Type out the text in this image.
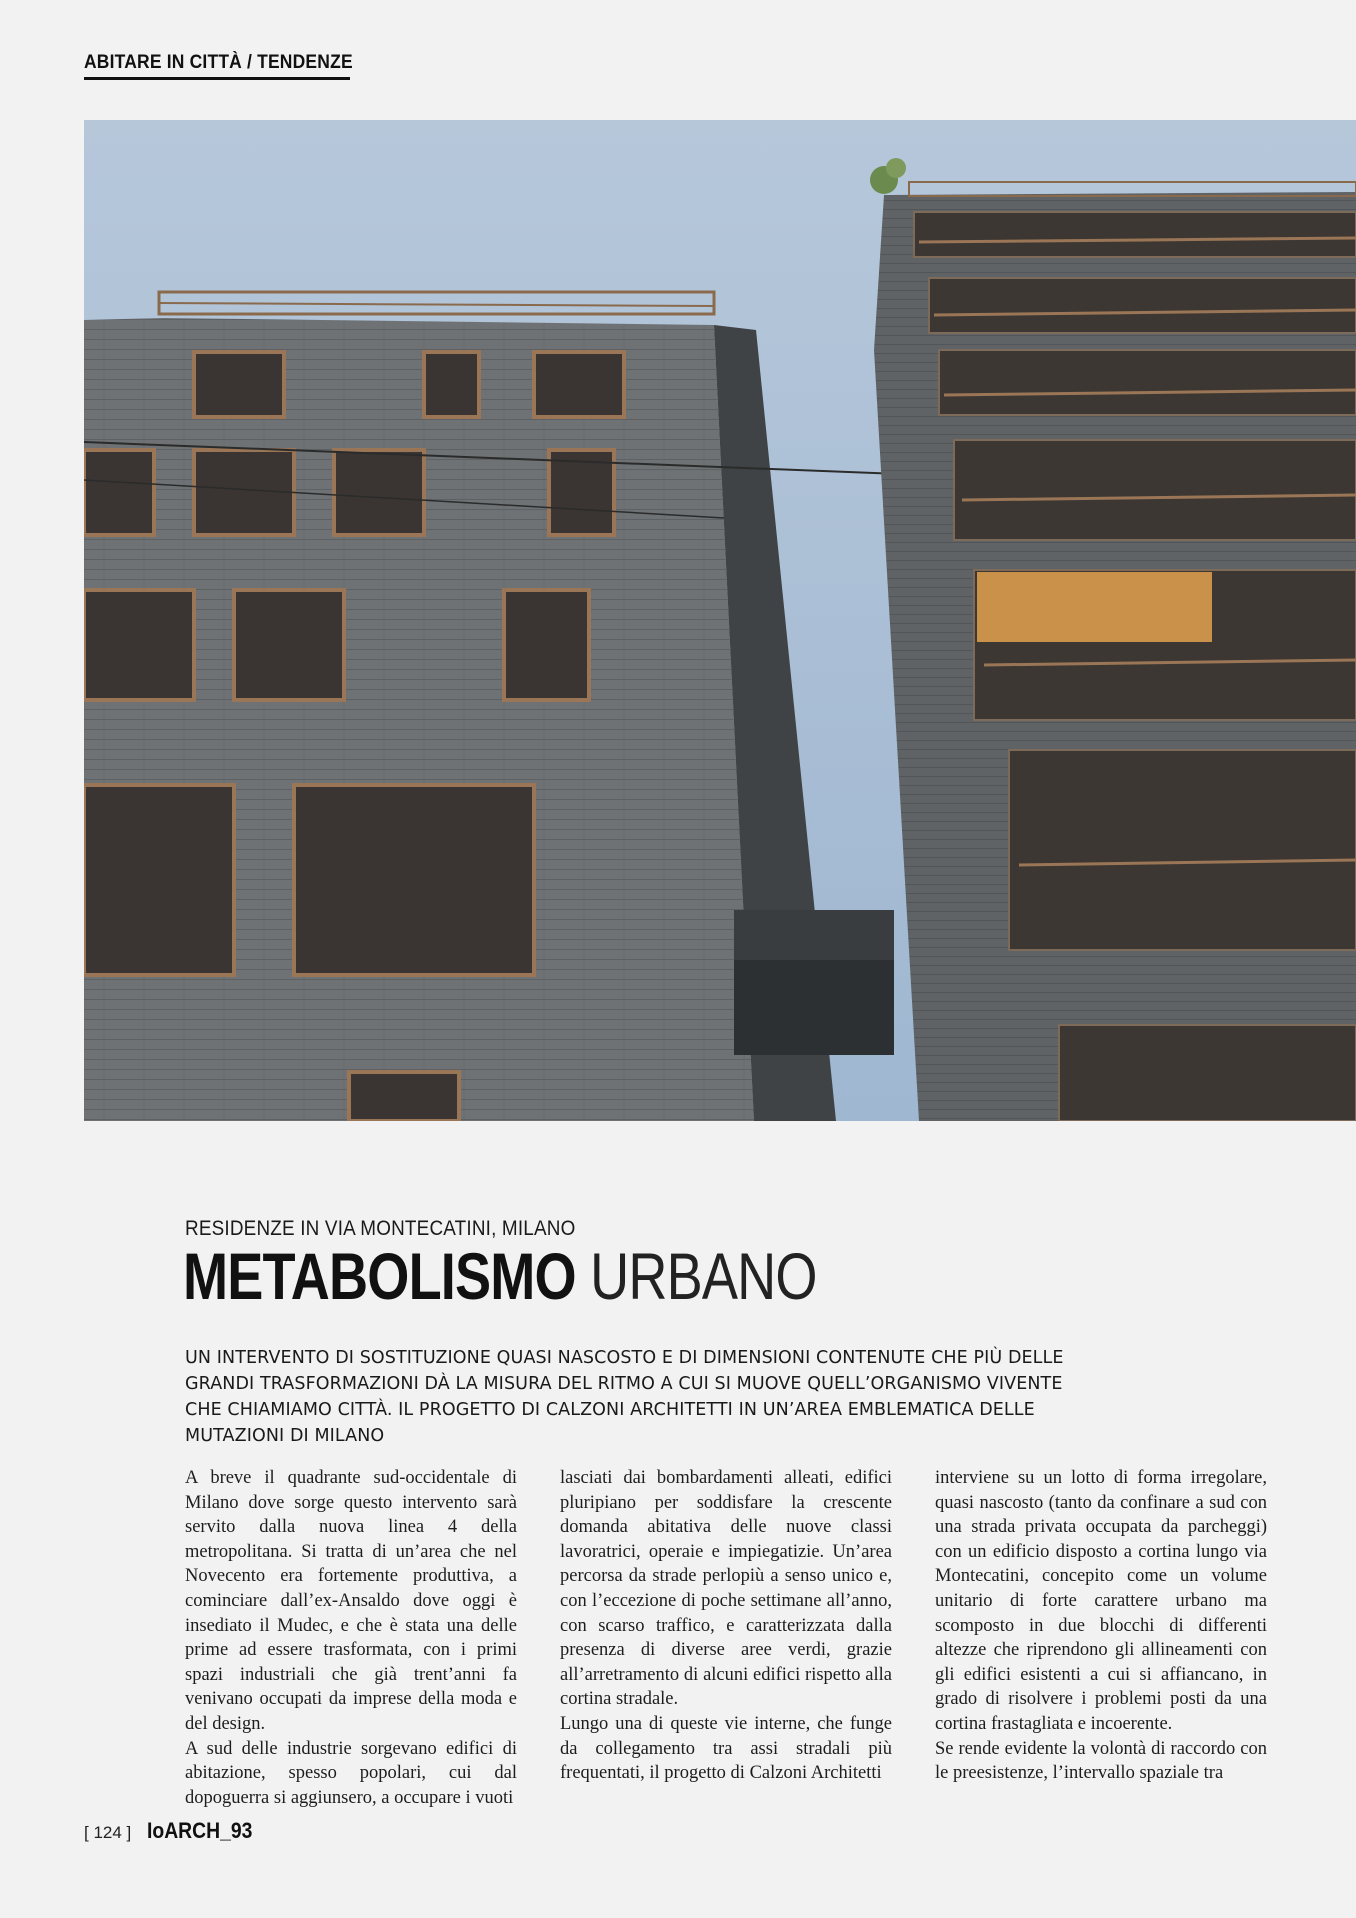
ABITARE IN CITTÀ / TENDENZE
RESIDENZE IN VIA MONTECATINI, MILANO
METABOLISMO URBANO
UN INTERVENTO DI SOSTITUZIONE QUASI NASCOSTO E DI DIMENSIONI CONTENUTE CHE PIÙ DELLE GRANDI TRASFORMAZIONI DÀ LA MISURA DEL RITMO A CUI SI MUOVE QUELL’ORGANISMO VIVENTE CHE CHIAMIAMO CITTÀ. IL PROGETTO DI CALZONI ARCHITETTI IN UN’AREA EMBLEMATICA DELLE MUTAZIONI DI MILANO

A breve il quadrante sud-occidentale di Milano dove sorge questo intervento sarà servito dalla nuova linea 4 della metropolitana. Si tratta di un’area che nel Novecento era fortemente produttiva, a cominciare dall’ex-Ansaldo dove oggi è insediato il Mudec, e che è stata una delle prime ad essere trasformata, con i primi spazi industriali che già trent’anni fa venivano occupati da imprese della moda e del design.

A sud delle industrie sorgevano edifici di abitazione, spesso popolari, cui dal dopoguerra si aggiunsero, a occupare i vuoti

lasciati dai bombardamenti alleati, edifici pluripiano per soddisfare la crescente domanda abitativa delle nuove classi lavoratrici, operaie e impiegatizie. Un’area percorsa da strade perlopiù a senso unico e, con l’eccezione di poche settimane all’anno, con scarso traffico, e caratterizzata dalla presenza di diverse aree verdi, grazie all’arretramento di alcuni edifici rispetto alla cortina stradale.

Lungo una di queste vie interne, che funge da collegamento tra assi stradali più frequentati, il progetto di Calzoni Architetti

interviene su un lotto di forma irregolare, quasi nascosto (tanto da confinare a sud con una strada privata occupata da parcheggi) con un edificio disposto a cortina lungo via Montecatini, concepito come un volume unitario di forte carattere urbano ma scomposto in due blocchi di differenti altezze che riprendono gli allineamenti con gli edifici esistenti a cui si affiancano, in grado di risolvere i problemi posti da una cortina frastagliata e incoerente.

Se rende evidente la volontà di raccordo con le preesistenze, l’intervallo spaziale tra

[ 124 ] IoARCH_93
